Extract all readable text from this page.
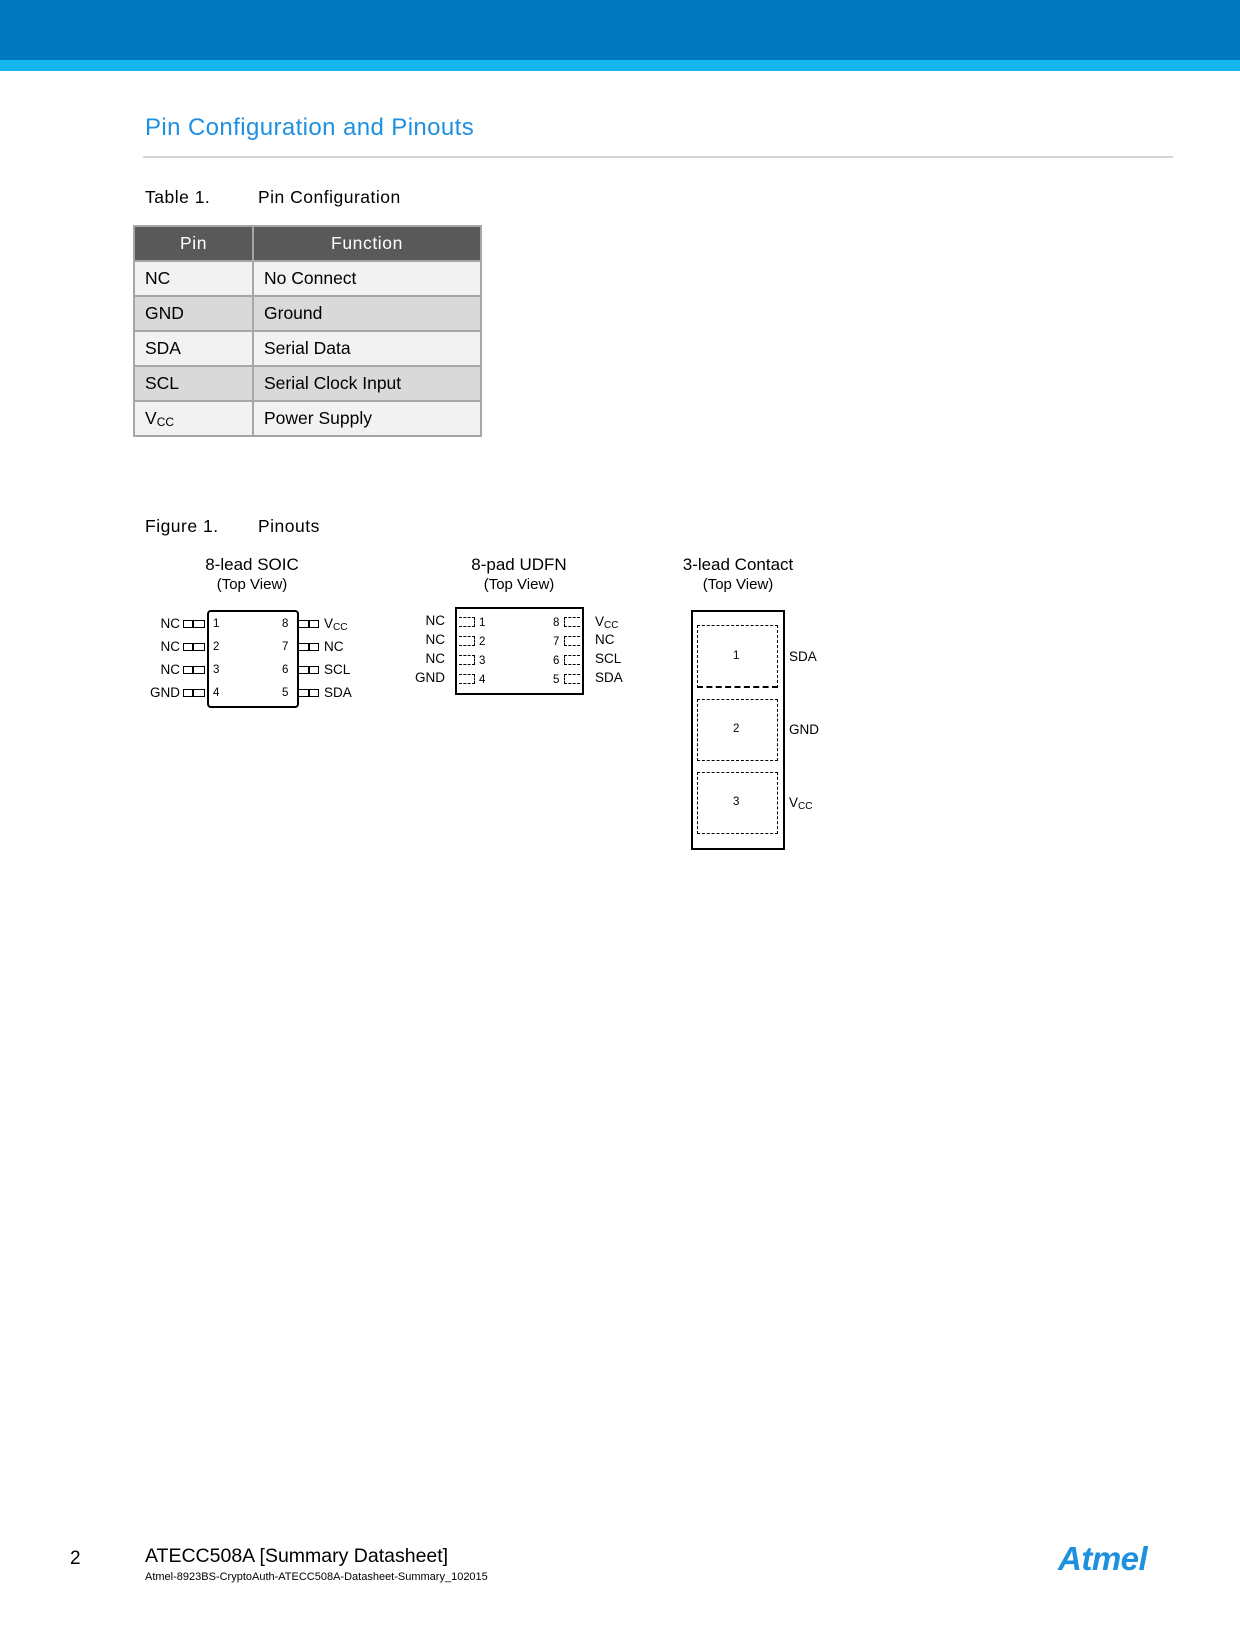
Pin Configuration and Pinouts
Table 1.	Pin Configuration
Pin	Function
NC	No Connect
GND	Ground
SDA	Serial Data
SCL	Serial Clock Input
$V_{CC}$	Power Supply
Figure 1. Pinouts
8-lead SOIC
(Top View)
NC
NC
NC
GND
1
2
3
4
8
7
6
5
$V_{CC}$
NC
SCL
SDA
8-pad UDFN
(Top View)
NC
NC
NC
GND
1
2
3
4
8
7
6
5
$V_{CC}$
NC
SCL
SDA
3-lead Contact
(Top View)
1
2
3
SDA
GND
$V_{CC}$
2	ATECC508A [Summary Datasheet]
Atmel-8923BS-CryptoAuth-ATECC508A-Datasheet-Summary_102015	Atmel
